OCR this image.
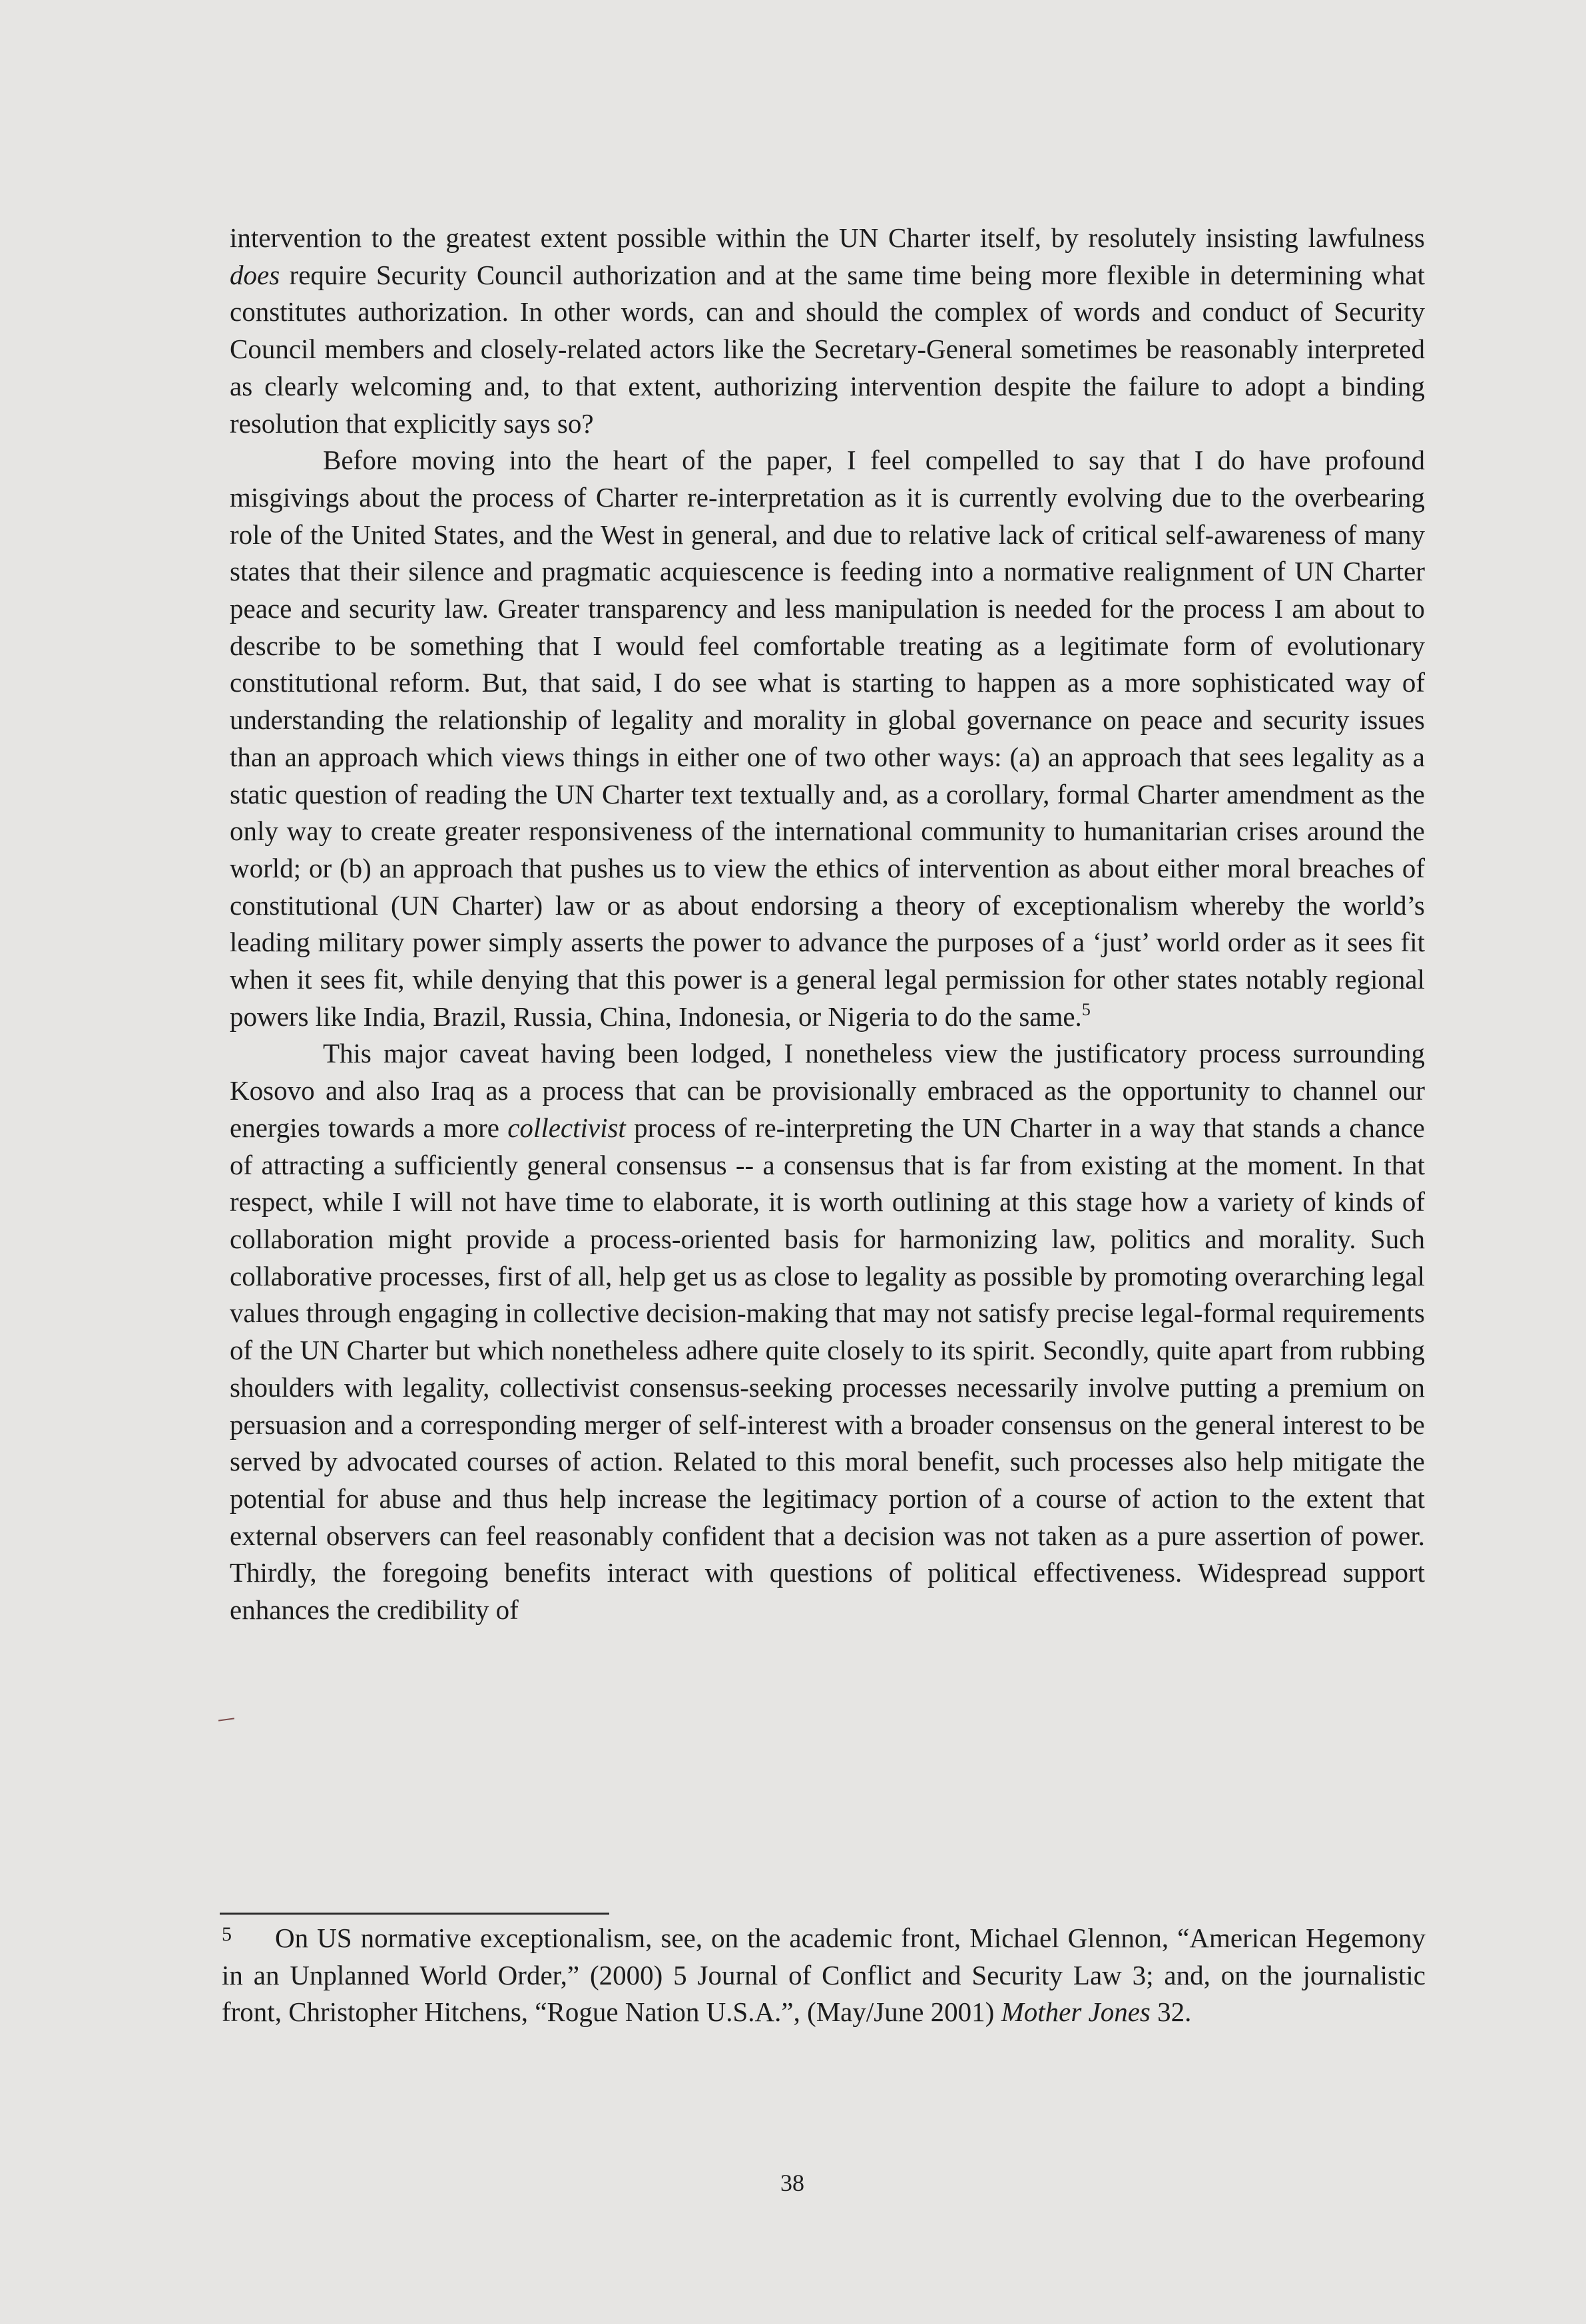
intervention to the greatest extent possible within the UN Charter itself, by resolutely insisting lawfulness does require Security Council authorization and at the same time being more flexible in determining what constitutes authorization. In other words, can and should the complex of words and conduct of Security Council members and closely-related actors like the Secretary-General sometimes be reasonably interpreted as clearly welcoming and, to that extent, authorizing intervention despite the failure to adopt a binding resolution that explicitly says so?

Before moving into the heart of the paper, I feel compelled to say that I do have profound misgivings about the process of Charter re-interpretation as it is currently evolving due to the overbearing role of the United States, and the West in general, and due to relative lack of critical self-awareness of many states that their silence and pragmatic acquiescence is feeding into a normative realignment of UN Charter peace and security law. Greater transparency and less manipulation is needed for the process I am about to describe to be something that I would feel comfortable treating as a legitimate form of evolutionary constitutional reform. But, that said, I do see what is starting to happen as a more sophisticated way of understanding the relationship of legality and morality in global governance on peace and security issues than an approach which views things in either one of two other ways: (a) an approach that sees legality as a static question of reading the UN Charter text textually and, as a corollary, formal Charter amendment as the only way to create greater responsiveness of the international community to humanitarian crises around the world; or (b) an approach that pushes us to view the ethics of intervention as about either moral breaches of constitutional (UN Charter) law or as about endorsing a theory of exceptionalism whereby the world’s leading military power simply asserts the power to advance the purposes of a ‘just’ world order as it sees fit when it sees fit, while denying that this power is a general legal permission for other states notably regional powers like India, Brazil, Russia, China, Indonesia, or Nigeria to do the same.$^5$

This major caveat having been lodged, I nonetheless view the justificatory process surrounding Kosovo and also Iraq as a process that can be provisionally embraced as the opportunity to channel our energies towards a more collectivist process of re-interpreting the UN Charter in a way that stands a chance of attracting a sufficiently general consensus -- a consensus that is far from existing at the moment. In that respect, while I will not have time to elaborate, it is worth outlining at this stage how a variety of kinds of collaboration might provide a process-oriented basis for harmonizing law, politics and morality. Such collaborative processes, first of all, help get us as close to legality as possible by promoting overarching legal values through engaging in collective decision-making that may not satisfy precise legal-formal requirements of the UN Charter but which nonetheless adhere quite closely to its spirit. Secondly, quite apart from rubbing shoulders with legality, collectivist consensus-seeking processes necessarily involve putting a premium on persuasion and a corresponding merger of self-interest with a broader consensus on the general interest to be served by advocated courses of action. Related to this moral benefit, such processes also help mitigate the potential for abuse and thus help increase the legitimacy portion of a course of action to the extent that external observers can feel reasonably confident that a decision was not taken as a pure assertion of power. Thirdly, the foregoing benefits interact with questions of political effectiveness. Widespread support enhances the credibility of

$^5$ On US normative exceptionalism, see, on the academic front, Michael Glennon, “American Hegemony in an Unplanned World Order,” (2000) 5 Journal of Conflict and Security Law 3; and, on the journalistic front, Christopher Hitchens, “Rogue Nation U.S.A.”, (May/June 2001) Mother Jones 32.
38
